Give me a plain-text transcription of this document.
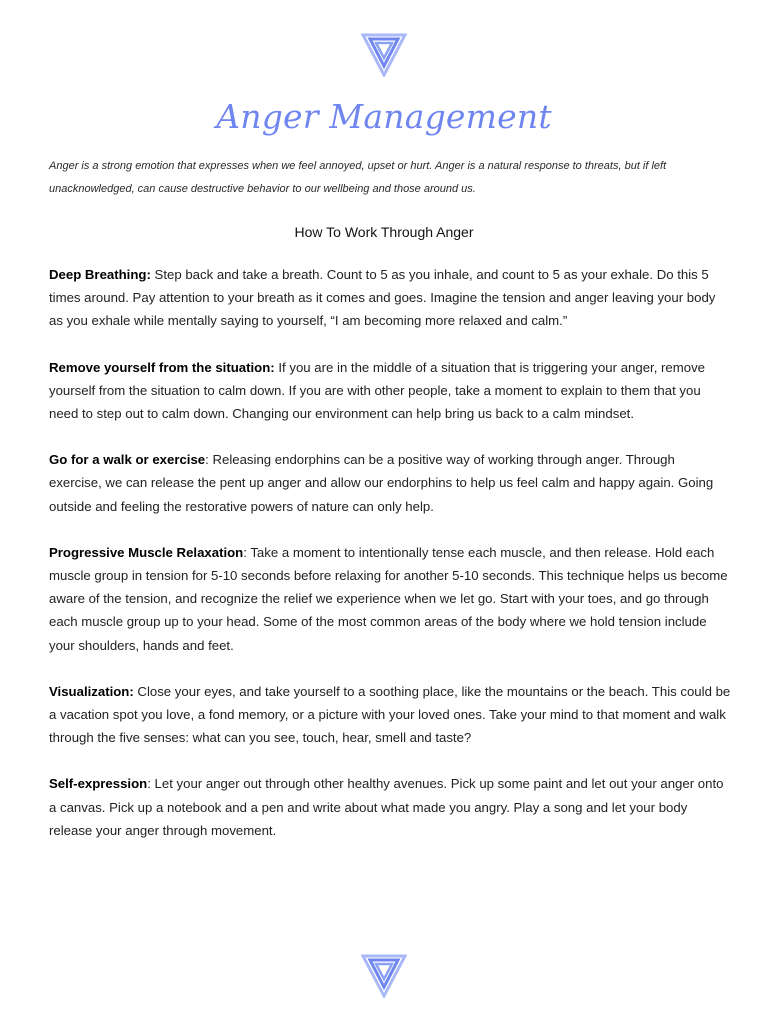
Anger Management

Anger is a strong emotion that expresses when we feel annoyed, upset or hurt. Anger is a natural response to threats, but if left unacknowledged, can cause destructive behavior to our wellbeing and those around us.

How To Work Through Anger

Deep Breathing: Step back and take a breath. Count to 5 as you inhale, and count to 5 as your exhale. Do this 5 times around. Pay attention to your breath as it comes and goes. Imagine the tension and anger leaving your body as you exhale while mentally saying to yourself, “I am becoming more relaxed and calm.”

Remove yourself from the situation: If you are in the middle of a situation that is triggering your anger, remove yourself from the situation to calm down. If you are with other people, take a moment to explain to them that you need to step out to calm down. Changing our environment can help bring us back to a calm mindset.

Go for a walk or exercise: Releasing endorphins can be a positive way of working through anger. Through exercise, we can release the pent up anger and allow our endorphins to help us feel calm and happy again. Going outside and feeling the restorative powers of nature can only help.

Progressive Muscle Relaxation: Take a moment to intentionally tense each muscle, and then release. Hold each muscle group in tension for 5-10 seconds before relaxing for another 5-10 seconds. This technique helps us become aware of the tension, and recognize the relief we experience when we let go. Start with your toes, and go through each muscle group up to your head. Some of the most common areas of the body where we hold tension include your shoulders, hands and feet.

Visualization: Close your eyes, and take yourself to a soothing place, like the mountains or the beach. This could be a vacation spot you love, a fond memory, or a picture with your loved ones. Take your mind to that moment and walk through the five senses: what can you see, touch, hear, smell and taste?

Self-expression: Let your anger out through other healthy avenues. Pick up some paint and let out your anger onto a canvas. Pick up a notebook and a pen and write about what made you angry. Play a song and let your body release your anger through movement.
